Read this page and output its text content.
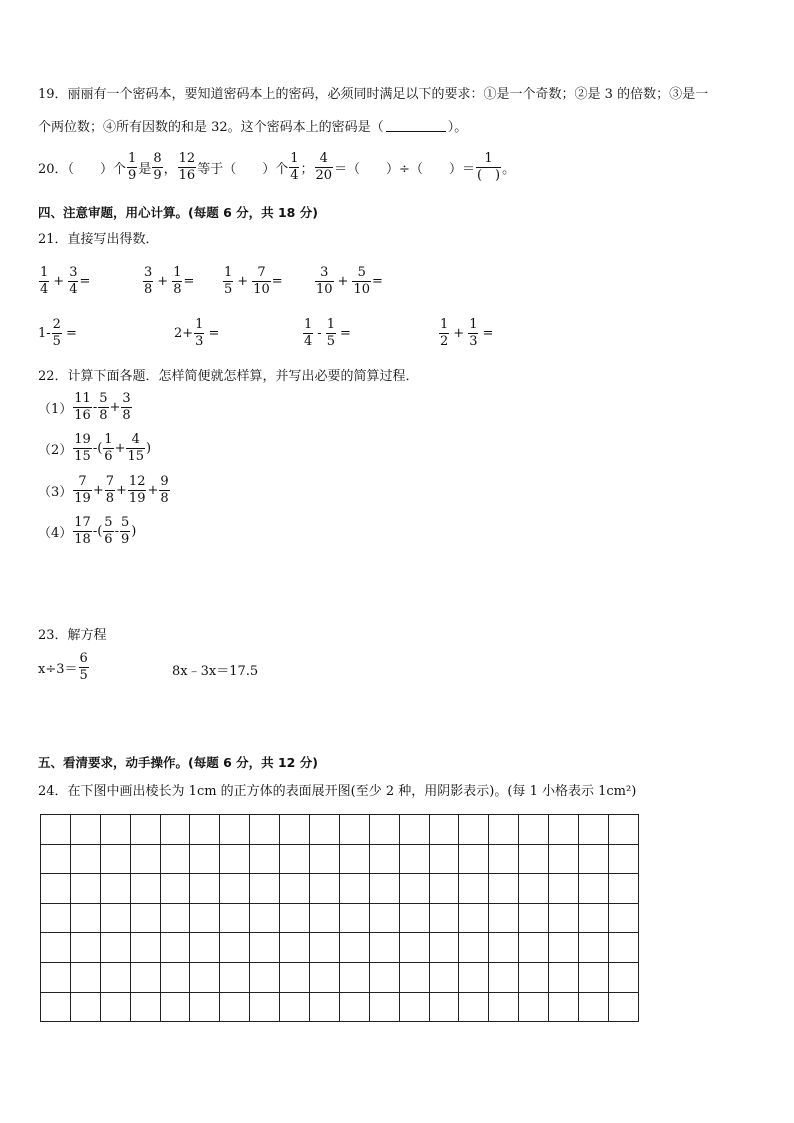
19．丽丽有一个密码本，要知道密码本上的密码，必须同时满足以下的要求：①是一个奇数；②是 3 的倍数；③是一
个两位数；④所有因数的和是 32。这个密码本上的密码是（	）。
20．（　　）个 $\frac{1}{9}$ 是 $\frac{8}{9}$ ， $\frac{12}{16}$ 等于（　　）个 $\frac{1}{4}$ ； $\frac{4}{20}$ ＝（　　）÷（　　）＝ $\frac{1}{( )}$ 。
四、注意审题，用心计算。(每题 6 分，共 18 分)
21．直接写出得数．
$\frac{1}{4} + \frac{3}{4}$ =	$\frac{3}{8} + \frac{1}{8} = \frac{1}{5} + \frac{7}{10} = \frac{3}{10} + \frac{5}{10}$ =
$1- \frac{2}{5}$ =	$2+ \frac{1}{3}$ =	$\frac{1}{4} - \frac{1}{5}$ =	$\frac{1}{2} + \frac{1}{3}$ =
22．计算下面各题．怎样简便就怎样算，并写出必要的简算过程．
$(1) \frac{11}{16} - \frac{5}{8} + \frac{3}{8}$
$(2) \frac{19}{15}$ -( $\frac{1}{6} + \frac{4}{15}$ )
$(3) \frac{7}{19} + \frac{7}{8} + \frac{12}{19} + \frac{9}{8}$
$(4) \frac{17}{18}$ -( $\frac{5}{6} - \frac{5}{9}$ )
23．解方程
$x\div 3= \frac{6}{5}$	8x﹣3x＝17.5
五、看清要求，动手操作。(每题 6 分，共 12 分)
24．在下图中画出棱长为 1cm 的正方体的表面展开图(至少 2 种，用阴影表示)。(每 1 小格表示 1cm²)
